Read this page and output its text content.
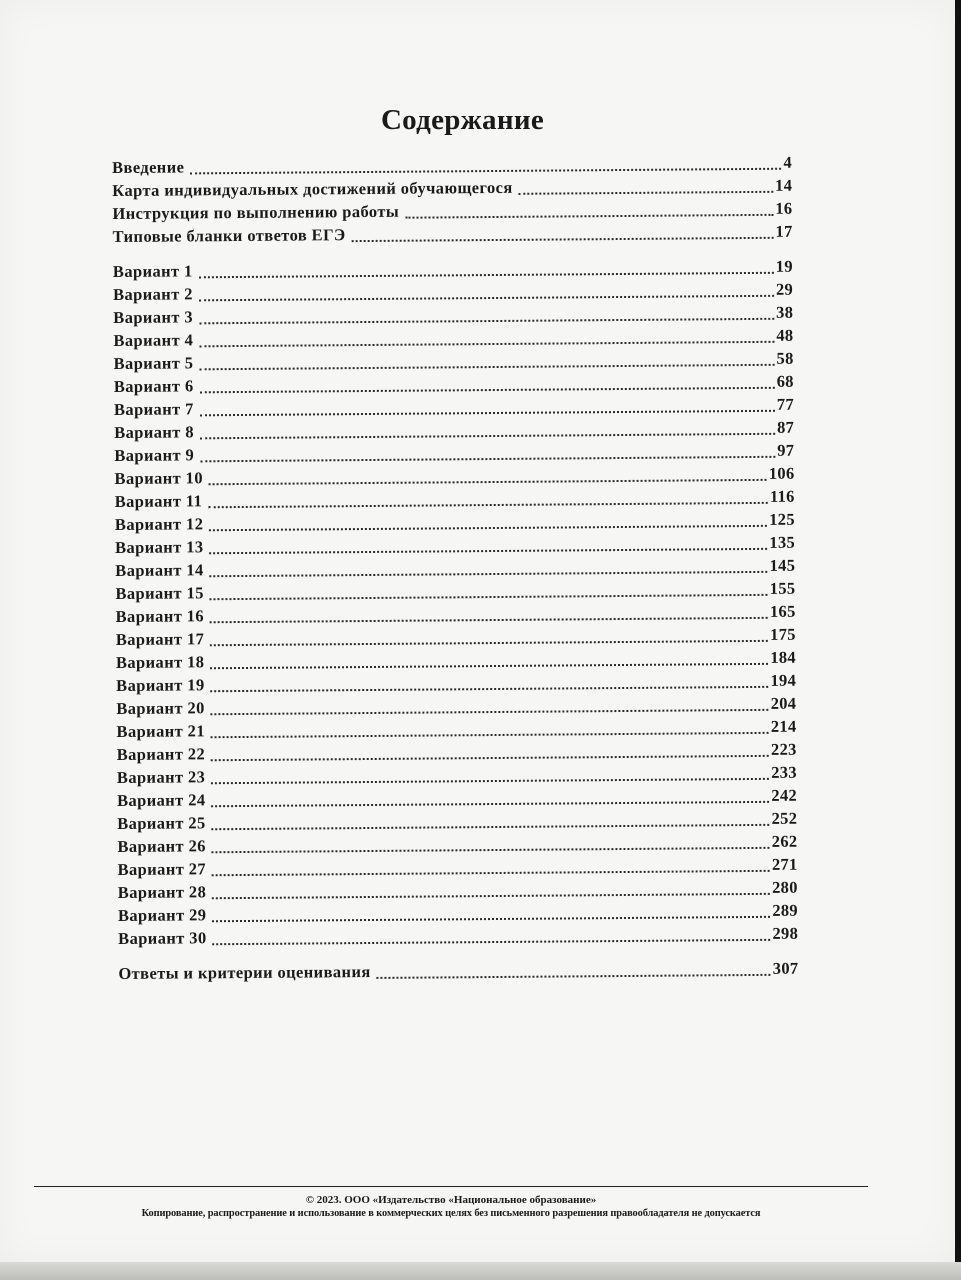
Содержание
Введение	4
Карта индивидуальных достижений обучающегося	14
Инструкция по выполнению работы	16
Типовые бланки ответов ЕГЭ	17
Вариант 1	19
Вариант 2	29
Вариант 3	38
Вариант 4	48
Вариант 5	58
Вариант 6	68
Вариант 7	77
Вариант 8	87
Вариант 9	97
Вариант 10	106
Вариант 11	116
Вариант 12	125
Вариант 13	135
Вариант 14	145
Вариант 15	155
Вариант 16	165
Вариант 17	175
Вариант 18	184
Вариант 19	194
Вариант 20	204
Вариант 21	214
Вариант 22	223
Вариант 23	233
Вариант 24	242
Вариант 25	252
Вариант 26	262
Вариант 27	271
Вариант 28	280
Вариант 29	289
Вариант 30	298
Ответы и критерии оценивания	307
© 2023. ООО «Издательство «Национальное образование»
Копирование, распространение и использование в коммерческих целях без письменного разрешения правообладателя не допускается
